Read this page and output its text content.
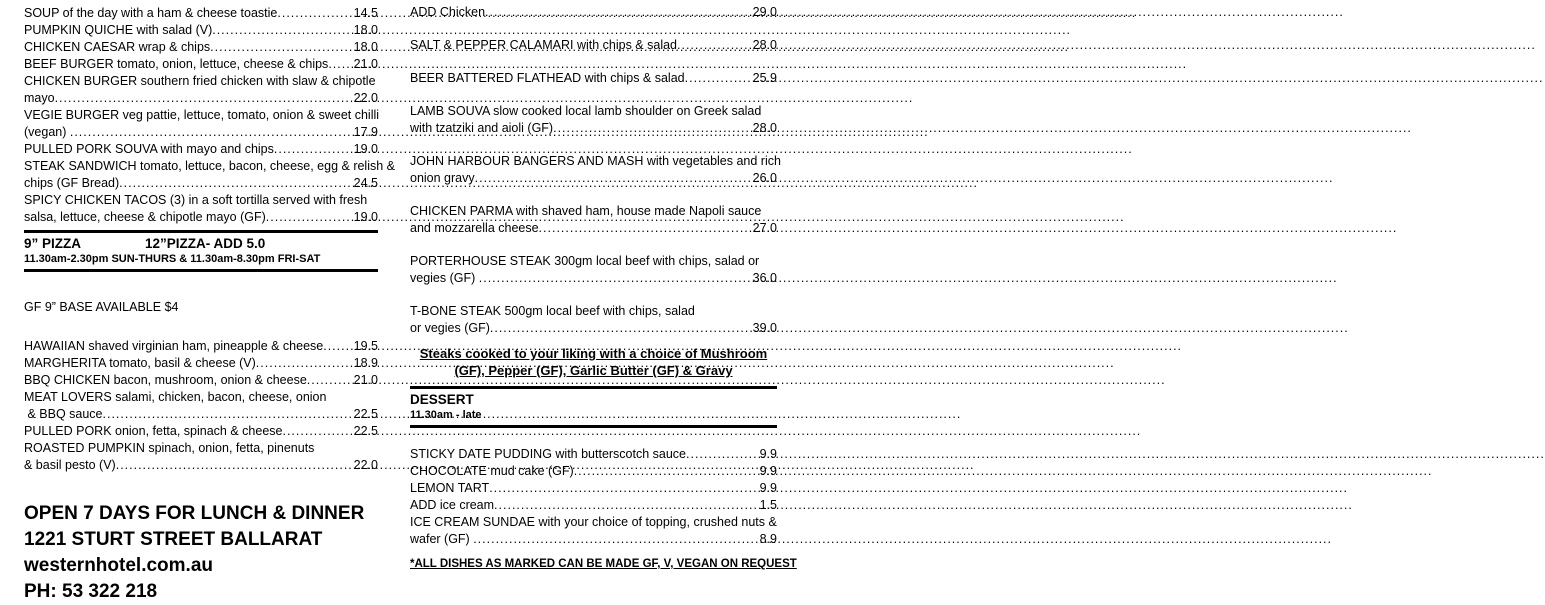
SOUP of the day with a ham & cheese toastie .....	14.5
PUMPKIN QUICHE with salad (V) .....	18.0
CHICKEN CAESAR wrap & chips .....	18.0
BEEF BURGER tomato, onion, lettuce, cheese & chips ..... 21.0
CHICKEN BURGER southern fried chicken with slaw & chipotle
mayo .....	22.0
VEGIE BURGER veg pattie, lettuce, tomato, onion & sweet chilli
(vegan) .....	17.9
PULLED PORK SOUVA with mayo and chips .....	19.0
STEAK SANDWICH tomato, lettuce, bacon, cheese, egg & relish &
chips (GF Bread) .....	24.5
SPICY CHICKEN TACOS (3) in a soft tortilla served with fresh
salsa, lettuce, cheese & chipotle mayo (GF) .....	19.0
9” PIZZA	12”PIZZA- ADD 5.0
11.30am-2.30pm SUN-THURS & 11.30am-8.30pm FRI-SAT
GF 9” BASE AVAILABLE $4
HAWAIIAN shaved virginian ham, pineapple & cheese ..... 19.5
MARGHERITA tomato, basil & cheese (V) .....	18.9
BBQ CHICKEN bacon, mushroom, onion & cheese .....	21.0
MEAT LOVERS salami, chicken, bacon, cheese, onion
& BBQ sauce .....	22.5
PULLED PORK onion, fetta, spinach & cheese .....	22.5
ROASTED PUMPKIN spinach, onion, fetta, pinenuts
& basil pesto (V) .....	22.0
OPEN 7 DAYS FOR LUNCH & DINNER
1221 STURT STREET BALLARAT
westernhotel.com.au
PH: 53 322 218
ADD Chicken .....	29.0
SALT & PEPPER CALAMARI with chips & salad .....	28.0
BEER BATTERED FLATHEAD with chips & salad .....	25.9
LAMB SOUVA slow cooked local lamb shoulder on Greek salad
with tzatziki and aioli (GF) .....	28.0
JOHN HARBOUR BANGERS AND MASH with vegetables and rich
onion gravy .....	26.0
CHICKEN PARMA with shaved ham, house made Napoli sauce
and mozzarella cheese .....	27.0
PORTERHOUSE STEAK 300gm local beef with chips, salad or
vegies (GF) .....	36.0
T-BONE STEAK 500gm local beef with chips, salad
or vegies (GF) .....	39.0
Steaks cooked to your liking with a choice of Mushroom
(GF), Pepper (GF), Garlic Butter (GF) & Gravy
DESSERT
11.30am - late
STICKY DATE PUDDING with butterscotch sauce .....	9.9
CHOCOLATE mud cake (GF) .....	9.9
LEMON TART .....	9.9
ADD ice cream .....	1.5
ICE CREAM SUNDAE with your choice of topping, crushed nuts &
wafer (GF) .....	8.9
*ALL DISHES AS MARKED CAN BE MADE GF, V, VEGAN ON REQUEST
